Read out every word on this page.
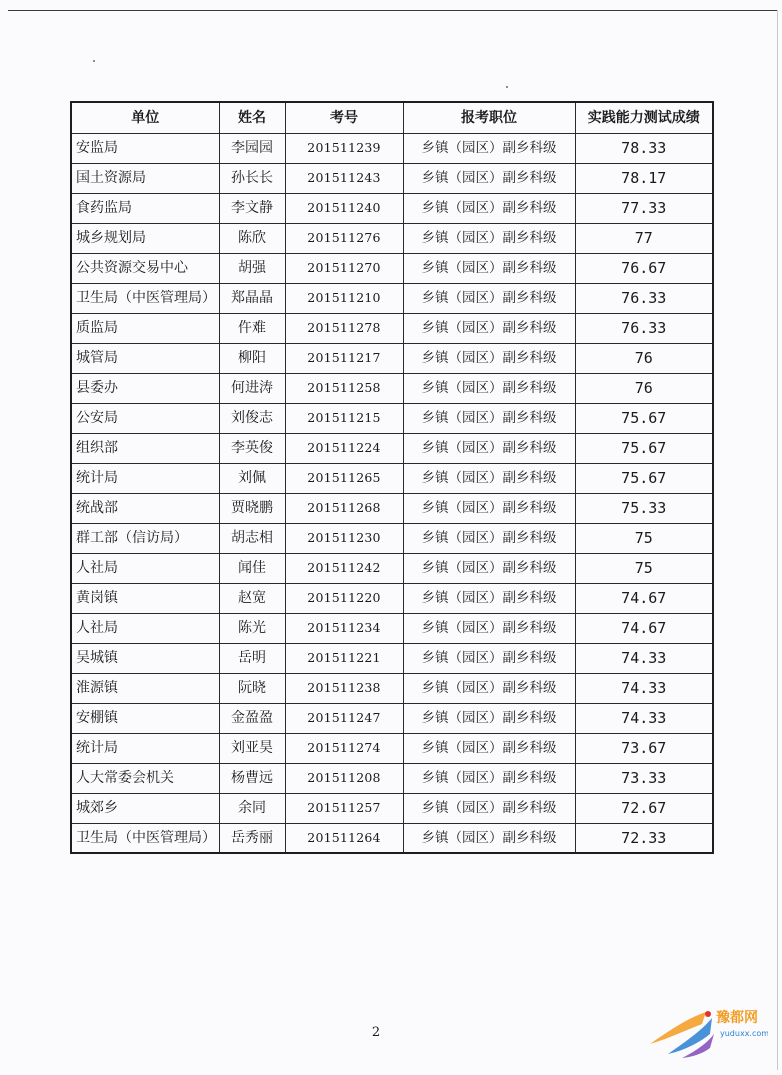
单位	姓名	考号	报考职位	实践能力测试成绩
安监局	李园园	201511239	乡镇（园区）副乡科级	78.33
国土资源局	孙长长	201511243	乡镇（园区）副乡科级	78.17
食药监局	李文静	201511240	乡镇（园区）副乡科级	77.33
城乡规划局	陈欣	201511276	乡镇（园区）副乡科级	77
公共资源交易中心	胡强	201511270	乡镇（园区）副乡科级	76.67
卫生局（中医管理局）	郑晶晶	201511210	乡镇（园区）副乡科级	76.33
质监局	仵难	201511278	乡镇（园区）副乡科级	76.33
城管局	柳阳	201511217	乡镇（园区）副乡科级	76
县委办	何进涛	201511258	乡镇（园区）副乡科级	76
公安局	刘俊志	201511215	乡镇（园区）副乡科级	75.67
组织部	李英俊	201511224	乡镇（园区）副乡科级	75.67
统计局	刘佩	201511265	乡镇（园区）副乡科级	75.67
统战部	贾晓鹏	201511268	乡镇（园区）副乡科级	75.33
群工部（信访局）	胡志相	201511230	乡镇（园区）副乡科级	75
人社局	闻佳	201511242	乡镇（园区）副乡科级	75
黄岗镇	赵宽	201511220	乡镇（园区）副乡科级	74.67
人社局	陈光	201511234	乡镇（园区）副乡科级	74.67
吴城镇	岳明	201511221	乡镇（园区）副乡科级	74.33
淮源镇	阮晓	201511238	乡镇（园区）副乡科级	74.33
安棚镇	金盈盈	201511247	乡镇（园区）副乡科级	74.33
统计局	刘亚昊	201511274	乡镇（园区）副乡科级	73.67
人大常委会机关	杨曹远	201511208	乡镇（园区）副乡科级	73.33
城郊乡	余同	201511257	乡镇（园区）副乡科级	72.67
卫生局（中医管理局）	岳秀丽	201511264	乡镇（园区）副乡科级	72.33
2
豫都网
yuduxx.com
